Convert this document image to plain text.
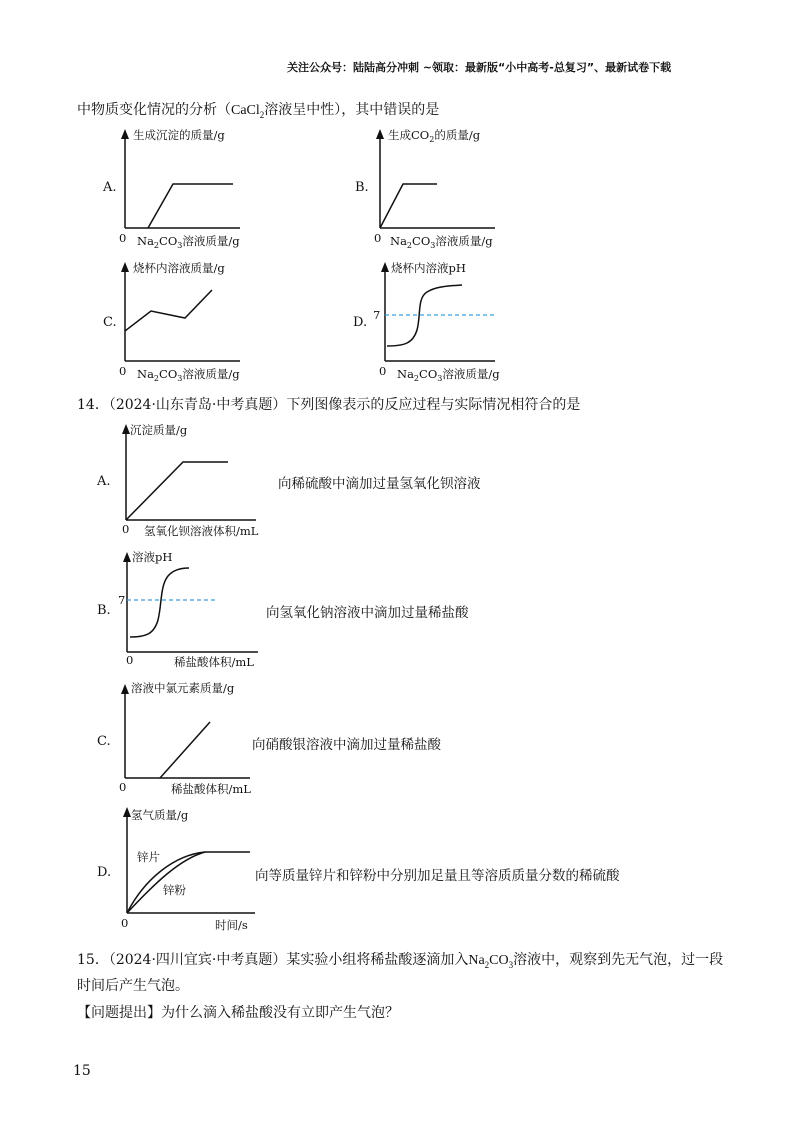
关注公众号：陆陆高分冲刺 ~领取：最新版“小中高考-总复习”、最新试卷下载
中物质变化情况的分析（CaCl$_2$溶液呈中性），其中错误的是
A.
生成沉淀的质量/g
0 $Na_2CO_3$溶液质量/g
B.
生成$CO_2$的质量/g
0 $Na_2CO_3$溶液质量/g
C.
烧杯内溶液质量/g
0 $Na_2CO_3$溶液质量/g
D.
烧杯内溶液pH
7
0 $Na_2CO_3$溶液质量/g
14．（2024·山东青岛·中考真题）下列图像表示的反应过程与实际情况相符合的是
A.
沉淀质量/g
0 氢氧化钡溶液体积/mL
向稀硫酸中滴加过量氢氧化钡溶液
B.
溶液pH
7
0	稀盐酸体积/mL
向氢氧化钠溶液中滴加过量稀盐酸
C.
溶液中氯元素质量/g
0	稀盐酸体积/mL
向硝酸银溶液中滴加过量稀盐酸
D.
氢气质量/g
锌片
锌粉
0	时间/s
向等质量锌片和锌粉中分别加足量且等溶质质量分数的稀硫酸
15．（2024·四川宜宾·中考真题）某实验小组将稀盐酸逐滴加入$Na_2CO_3$溶液中，观察到先无气泡，过一段
时间后产生气泡。
【问题提出】为什么滴入稀盐酸没有立即产生气泡？
15
